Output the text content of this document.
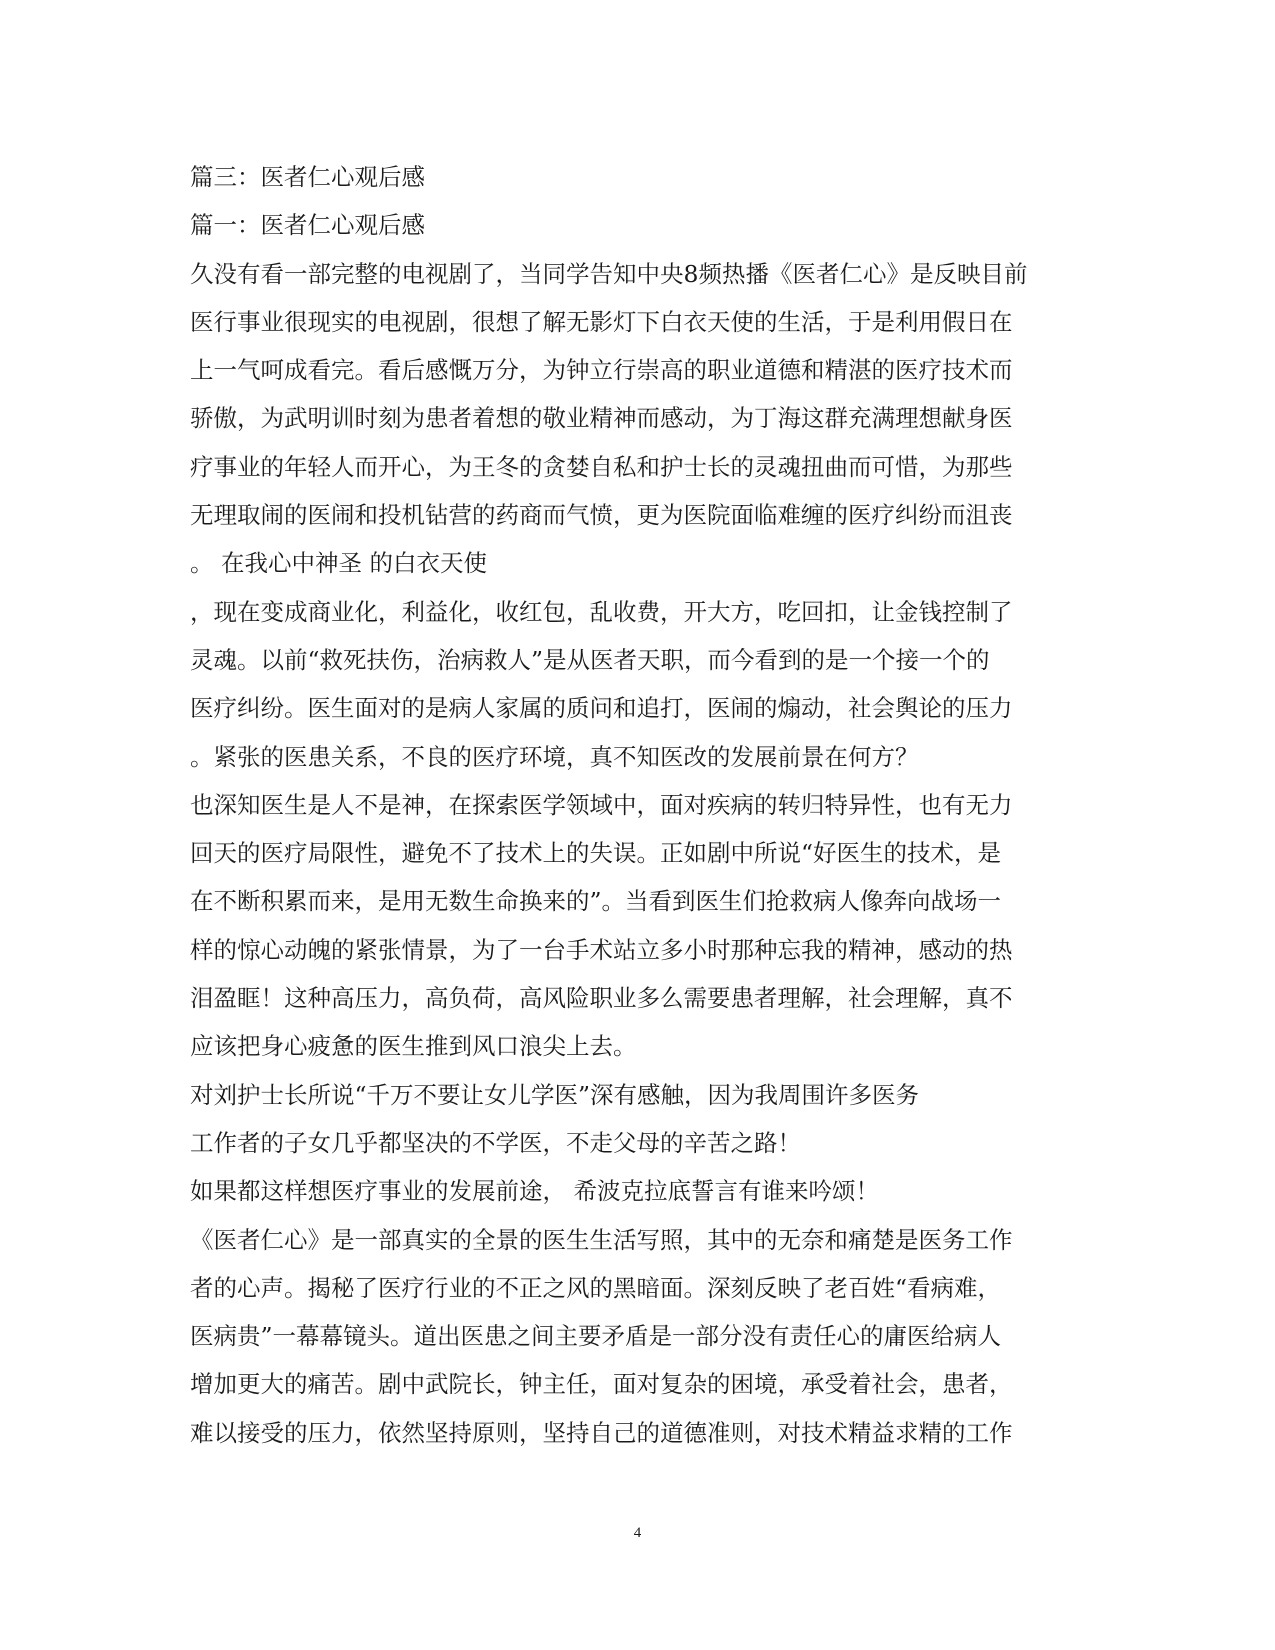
篇三：医者仁心观后感
篇一：医者仁心观后感
久没有看一部完整的电视剧了，当同学告知中央8频热播《医者仁心》是反映目前
医行事业很现实的电视剧，很想了解无影灯下白衣天使的生活，于是利用假日在
上一气呵成看完。看后感慨万分，为钟立行崇高的职业道德和精湛的医疗技术而
骄傲，为武明训时刻为患者着想的敬业精神而感动，为丁海这群充满理想献身医
疗事业的年轻人而开心，为王冬的贪婪自私和护士长的灵魂扭曲而可惜，为那些
无理取闹的医闹和投机钻营的药商而气愤，更为医院面临难缠的医疗纠纷而沮丧
。 在我心中神圣 的白衣天使
，现在变成商业化，利益化，收红包，乱收费，开大方，吃回扣，让金钱控制了
灵魂。以前“救死扶伤，治病救人”是从医者天职，而今看到的是一个接一个的
医疗纠纷。医生面对的是病人家属的质问和追打，医闹的煽动，社会舆论的压力
。紧张的医患关系，不良的医疗环境，真不知医改的发展前景在何方？
也深知医生是人不是神，在探索医学领域中，面对疾病的转归特异性，也有无力
回天的医疗局限性，避免不了技术上的失误。正如剧中所说“好医生的技术，是
在不断积累而来，是用无数生命换来的”。当看到医生们抢救病人像奔向战场一
样的惊心动魄的紧张情景，为了一台手术站立多小时那种忘我的精神，感动的热
泪盈眶！这种高压力，高负荷，高风险职业多么需要患者理解，社会理解，真不
应该把身心疲惫的医生推到风口浪尖上去。
对刘护士长所说“千万不要让女儿学医”深有感触，因为我周围许多医务
工作者的子女几乎都坚决的不学医，不走父母的辛苦之路！
如果都这样想医疗事业的发展前途， 希波克拉底誓言有谁来吟颂！
《医者仁心》是一部真实的全景的医生生活写照，其中的无奈和痛楚是医务工作
者的心声。揭秘了医疗行业的不正之风的黑暗面。深刻反映了老百姓“看病难，
医病贵”一幕幕镜头。道出医患之间主要矛盾是一部分没有责任心的庸医给病人
增加更大的痛苦。剧中武院长，钟主任，面对复杂的困境，承受着社会，患者，
难以接受的压力，依然坚持原则，坚持自己的道德准则，对技术精益求精的工作
4
